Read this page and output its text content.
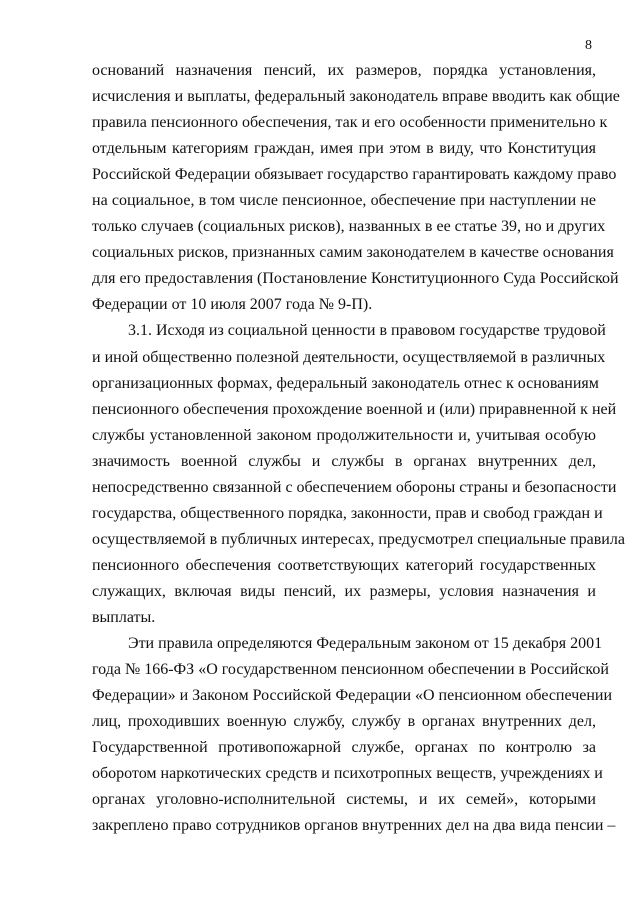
8
оснований назначения пенсий, их размеров, порядка установления,
исчисления и выплаты, федеральный законодатель вправе вводить как общие
правила пенсионного обеспечения, так и его особенности применительно к
отдельным категориям граждан, имея при этом в виду, что Конституция
Российской Федерации обязывает государство гарантировать каждому право
на социальное, в том числе пенсионное, обеспечение при наступлении не
только случаев (социальных рисков), названных в ее статье 39, но и других
социальных рисков, признанных самим законодателем в качестве основания
для его предоставления (Постановление Конституционного Суда Российской
Федерации от 10 июля 2007 года № 9-П).
3.1. Исходя из социальной ценности в правовом государстве трудовой
и иной общественно полезной деятельности, осуществляемой в различных
организационных формах, федеральный законодатель отнес к основаниям
пенсионного обеспечения прохождение военной и (или) приравненной к ней
службы установленной законом продолжительности и, учитывая особую
значимость военной службы и службы в органах внутренних дел,
непосредственно связанной с обеспечением обороны страны и безопасности
государства, общественного порядка, законности, прав и свобод граждан и
осуществляемой в публичных интересах, предусмотрел специальные правила
пенсионного обеспечения соответствующих категорий государственных
служащих, включая виды пенсий, их размеры, условия назначения и
выплаты.
Эти правила определяются Федеральным законом от 15 декабря 2001
года № 166-ФЗ «О государственном пенсионном обеспечении в Российской
Федерации» и Законом Российской Федерации «О пенсионном обеспечении
лиц, проходивших военную службу, службу в органах внутренних дел,
Государственной противопожарной службе, органах по контролю за
оборотом наркотических средств и психотропных веществ, учреждениях и
органах уголовно-исполнительной системы, и их семей», которыми
закреплено право сотрудников органов внутренних дел на два вида пенсии –
